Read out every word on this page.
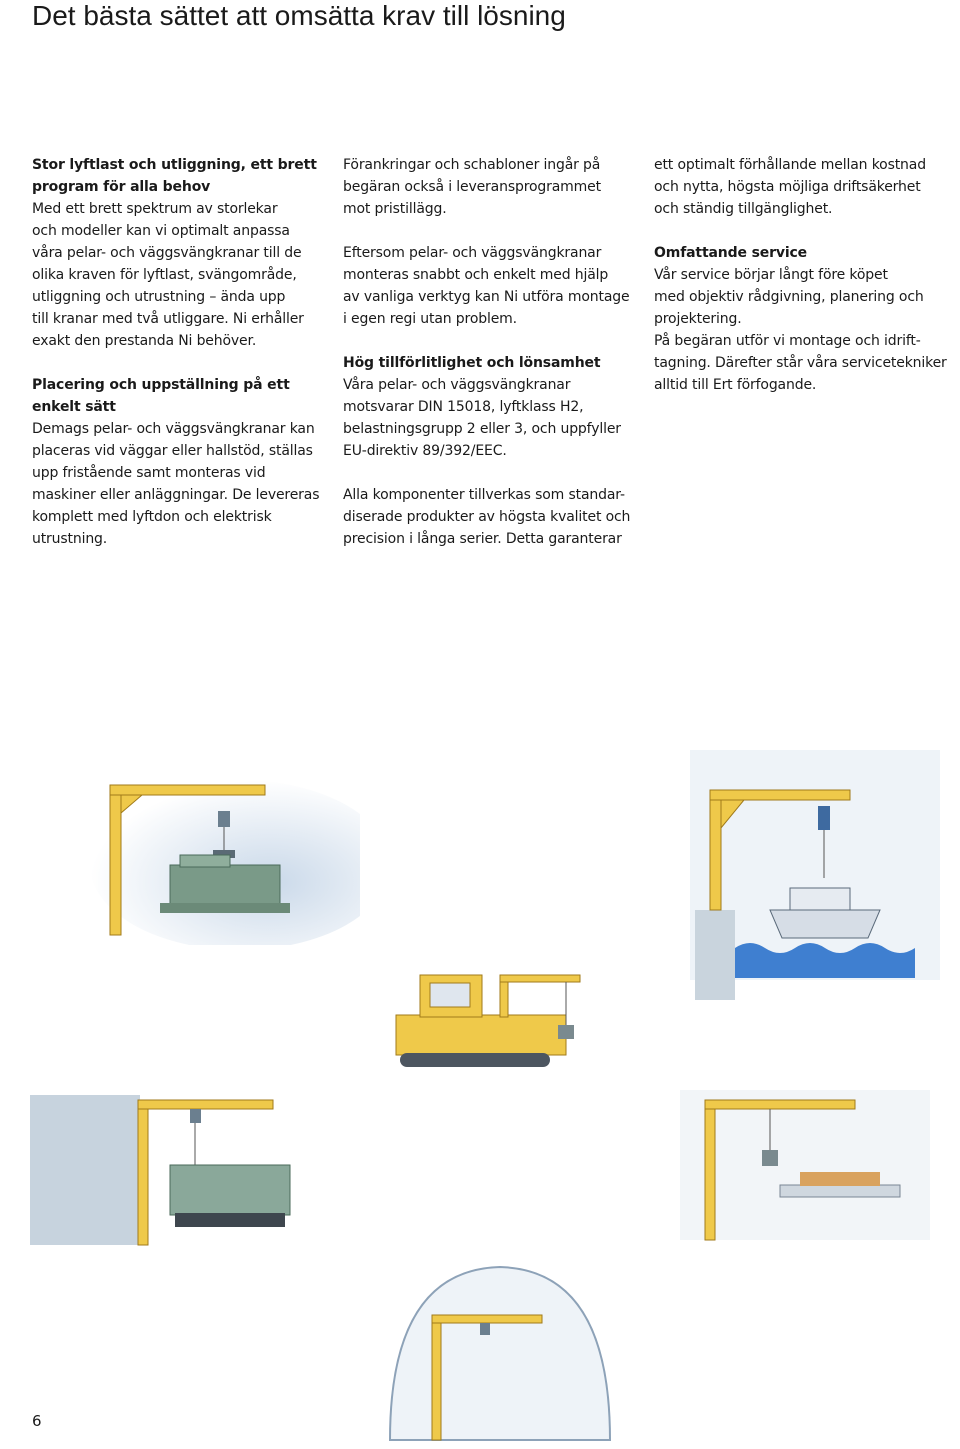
Det bästa sättet att omsätta krav till lösning
Stor lyftlast och utliggning, ett brett
program för alla behov

Med ett brett spektrum av storlekar
och modeller kan vi optimalt anpassa
våra pelar- och väggsvängkranar till de
olika kraven för lyftlast, svängområde,
utliggning och utrustning – ända upp
till kranar med två utliggare. Ni erhåller
exakt den prestanda Ni behöver.

Placering och uppställning på ett
enkelt sätt

Demags pelar- och väggsvängkranar kan
placeras vid väggar eller hallstöd, ställas
upp fristående samt monteras vid
maskiner eller anläggningar. De levereras
komplett med lyftdon och elektrisk
utrustning.

Förankringar och schabloner ingår på
begäran också i leveransprogrammet
mot pristillägg.

Eftersom pelar- och väggsvängkranar
monteras snabbt och enkelt med hjälp
av vanliga verktyg kan Ni utföra montage
i egen regi utan problem.

Hög tillförlitlighet och lönsamhet

Våra pelar- och väggsvängkranar
motsvarar DIN 15018, lyftklass H2,
belastningsgrupp 2 eller 3, och uppfyller
EU-direktiv 89/392/EEC.

Alla komponenter tillverkas som standar-
diserade produkter av högsta kvalitet och
precision i långa serier. Detta garanterar

ett optimalt förhållande mellan kostnad
och nytta, högsta möjliga driftsäkerhet
och ständig tillgänglighet.

Omfattande service

Vår service börjar långt före köpet
med objektiv rådgivning, planering och
projektering.

På begäran utför vi montage och idrift-
tagning. Därefter står våra servicetekniker
alltid till Ert förfogande.

6
